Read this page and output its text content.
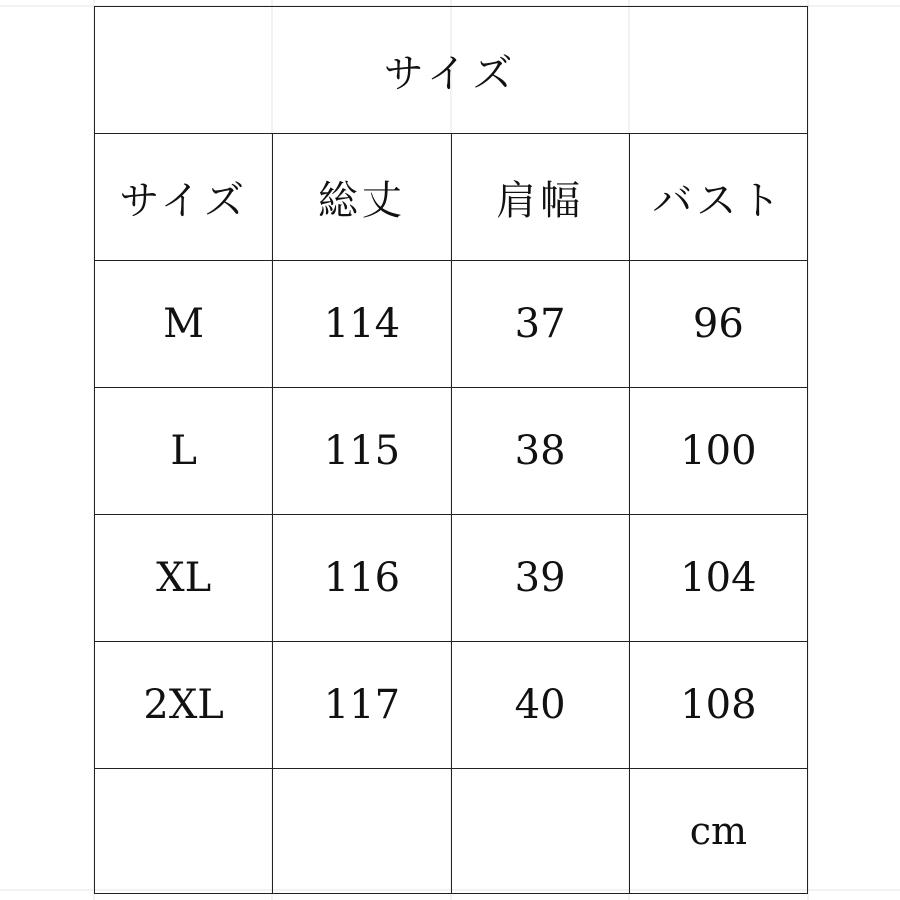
サイズ			
サイズ	総丈	肩幅	バスト
M	114	37	96
L	115	38	100
XL	116	39	104
2XL	117	40	108
			cm
